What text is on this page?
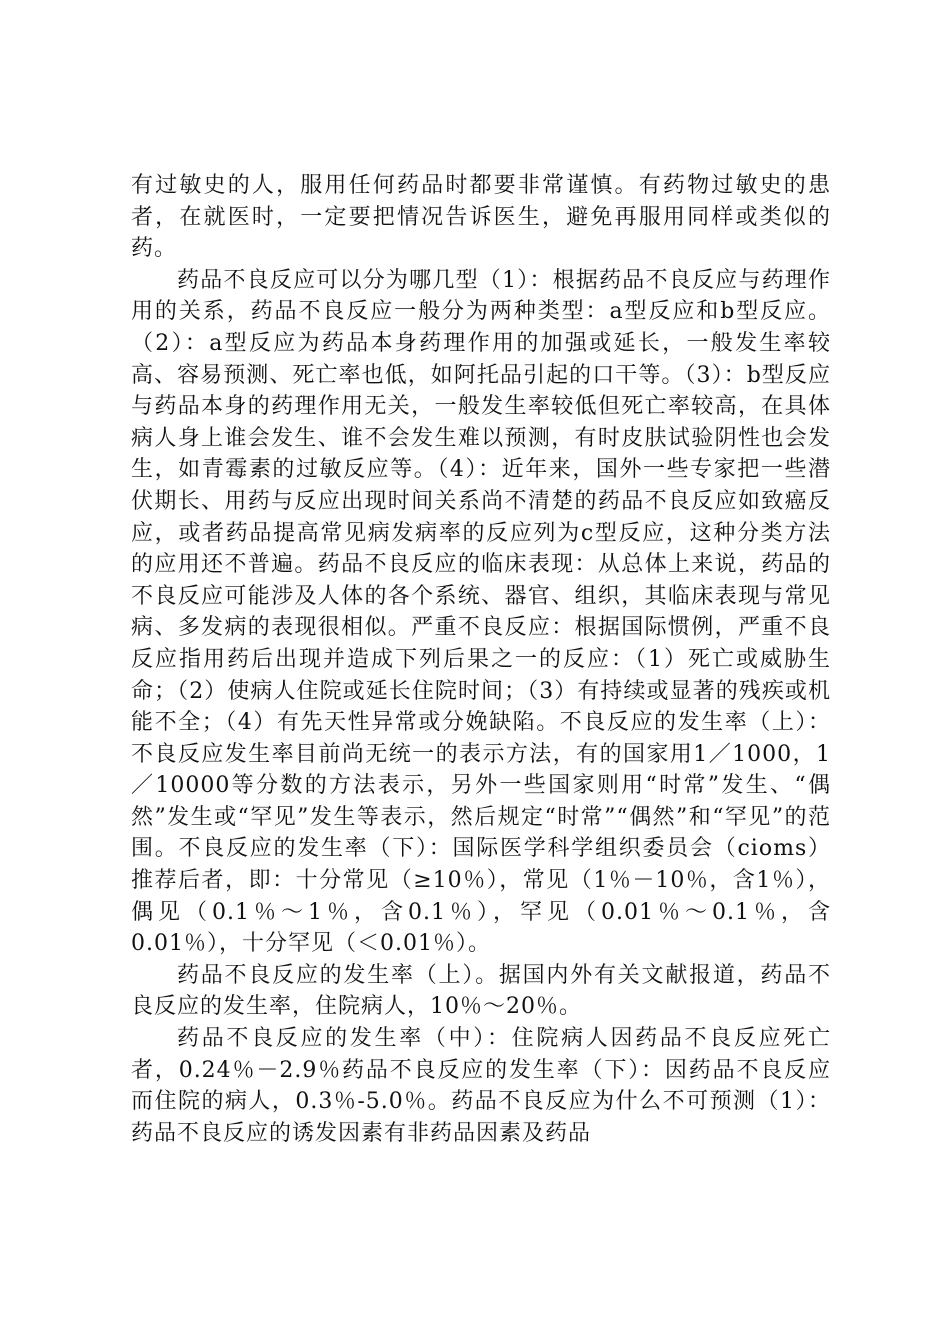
有过敏史的人，服用任何药品时都要非常谨慎。有药物过敏史的患者，在就医时，一定要把情况告诉医生，避免再服用同样或类似的药。

药品不良反应可以分为哪几型（1）：根据药品不良反应与药理作用的关系，药品不良反应一般分为两种类型：a型反应和b型反应。（2）：a型反应为药品本身药理作用的加强或延长，一般发生率较高、容易预测、死亡率也低，如阿托品引起的口干等。（3）：b型反应与药品本身的药理作用无关，一般发生率较低但死亡率较高，在具体病人身上谁会发生、谁不会发生难以预测，有时皮肤试验阴性也会发生，如青霉素的过敏反应等。（4）：近年来，国外一些专家把一些潜伏期长、用药与反应出现时间关系尚不清楚的药品不良反应如致癌反应，或者药品提高常见病发病率的反应列为c型反应，这种分类方法的应用还不普遍。药品不良反应的临床表现：从总体上来说，药品的不良反应可能涉及人体的各个系统、器官、组织，其临床表现与常见病、多发病的表现很相似。严重不良反应：根据国际惯例，严重不良反应指用药后出现并造成下列后果之一的反应：（1）死亡或威胁生命；（2）使病人住院或延长住院时间；（3）有持续或显著的残疾或机能不全；（4）有先天性异常或分娩缺陷。不良反应的发生率（上）：不良反应发生率目前尚无统一的表示方法，有的国家用1／1000，1／10000等分数的方法表示，另外一些国家则用“时常”发生、“偶然”发生或“罕见”发生等表示，然后规定“时常”“偶然”和“罕见”的范围。不良反应的发生率（下）：国际医学科学组织委员会（cioms）推荐后者，即：十分常见（≥10％），常见（1％－10％，含1％），偶见（0.1％～1％，含0.1％），罕见（0.01％～0.1％，含0.01％），十分罕见（＜0.01％）。

药品不良反应的发生率（上）。据国内外有关文献报道，药品不良反应的发生率，住院病人，10％～20％。

药品不良反应的发生率（中）：住院病人因药品不良反应死亡者，0.24％－2.9％药品不良反应的发生率（下）：因药品不良反应而住院的病人，0.3％-5.0％。药品不良反应为什么不可预测（1）：药品不良反应的诱发因素有非药品因素及药品
